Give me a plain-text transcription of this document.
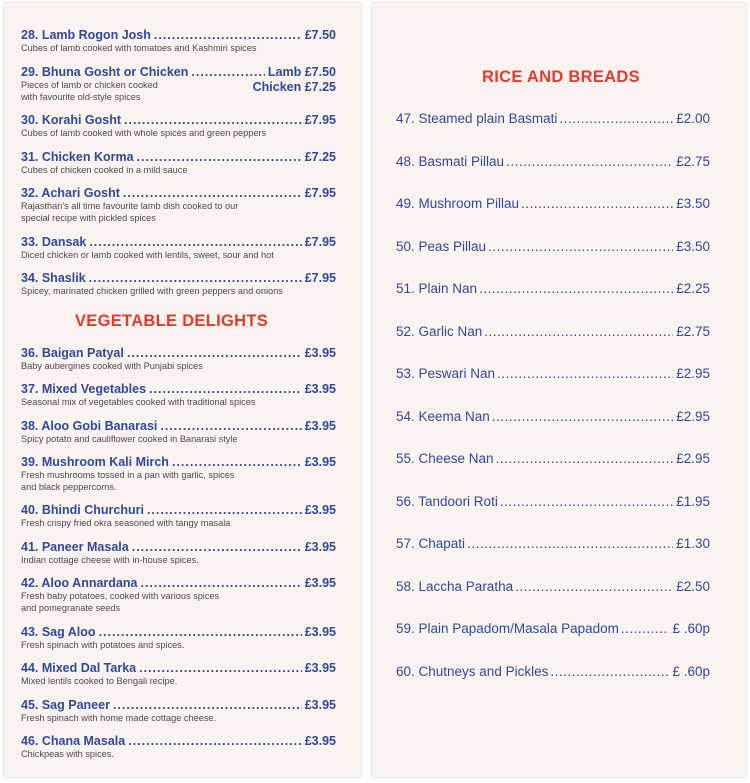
28. Lamb Rogon Josh .....	£7.50
Cubes of lamb cooked with tomatoes and Kashmiri spices
29. Bhuna Gosht or Chicken .....	Lamb £7.50
Pieces of lamb or chicken cooked
with favourite old-style spices
Chicken £7.25
30. Korahi Gosht .....	£7.95
Cubes of lamb cooked with whole spices and green peppers
31. Chicken Korma .....	£7.25
Cubes of chicken cooked in a mild sauce
32. Achari Gosht .....	£7.95
Rajasthan's all time favourite lamb dish cooked to our
special recipe with pickled spices
33. Dansak .....	£7.95
Diced chicken or lamb cooked with lentils, sweet, sour and hot
34. Shaslik .....	£7.95
Spicey, marinated chicken grilled with green peppers and onions
VEGETABLE DELIGHTS
36. Baigan Patyal .....	£3.95
Baby aubergines cooked with Punjabi spices
37. Mixed Vegetables .....	£3.95
Seasonal mix of vegetables cooked with traditional spices
38. Aloo Gobi Banarasi .....	£3.95
Spicy potato and cauliflower cooked in Banarasi style
39. Mushroom Kali Mirch .....	£3.95
Fresh mushrooms tossed in a pan with garlic, spices
and black peppercorns.
40. Bhindi Churchuri .....	£3.95
Fresh crispy fried okra seasoned with tangy masala
41. Paneer Masala .....	£3.95
Indian cottage cheese with in-house spices.
42. Aloo Annardana .....	£3.95
Fresh baby potatoes, cooked with various spices
and pomegranate seeds
43. Sag Aloo .....	£3.95
Fresh spinach with potatoes and spices.
44. Mixed Dal Tarka .....	£3.95
Mixed lentils cooked to Bengali recipe.
45. Sag Paneer .....	£3.95
Fresh spinach with home made cottage cheese.
46. Chana Masala .....	£3.95
Chickpeas with spices.
RICE AND BREADS
47. Steamed plain Basmati .....	£2.00
48. Basmati Pillau .....	£2.75
49. Mushroom Pillau .....	£3.50
50. Peas Pillau .....	£3.50
51. Plain Nan .....	£2.25
52. Garlic Nan .....	£2.75
53. Peswari Nan .....	£2.95
54. Keema Nan .....	£2.95
55. Cheese Nan .....	£2.95
56. Tandoori Roti .....	£1.95
57. Chapati .....	£1.30
58. Laccha Paratha .....	£2.50
59. Plain Papadom/Masala Papadom .....	£ .60p
60. Chutneys and Pickles .....	£ .60p
